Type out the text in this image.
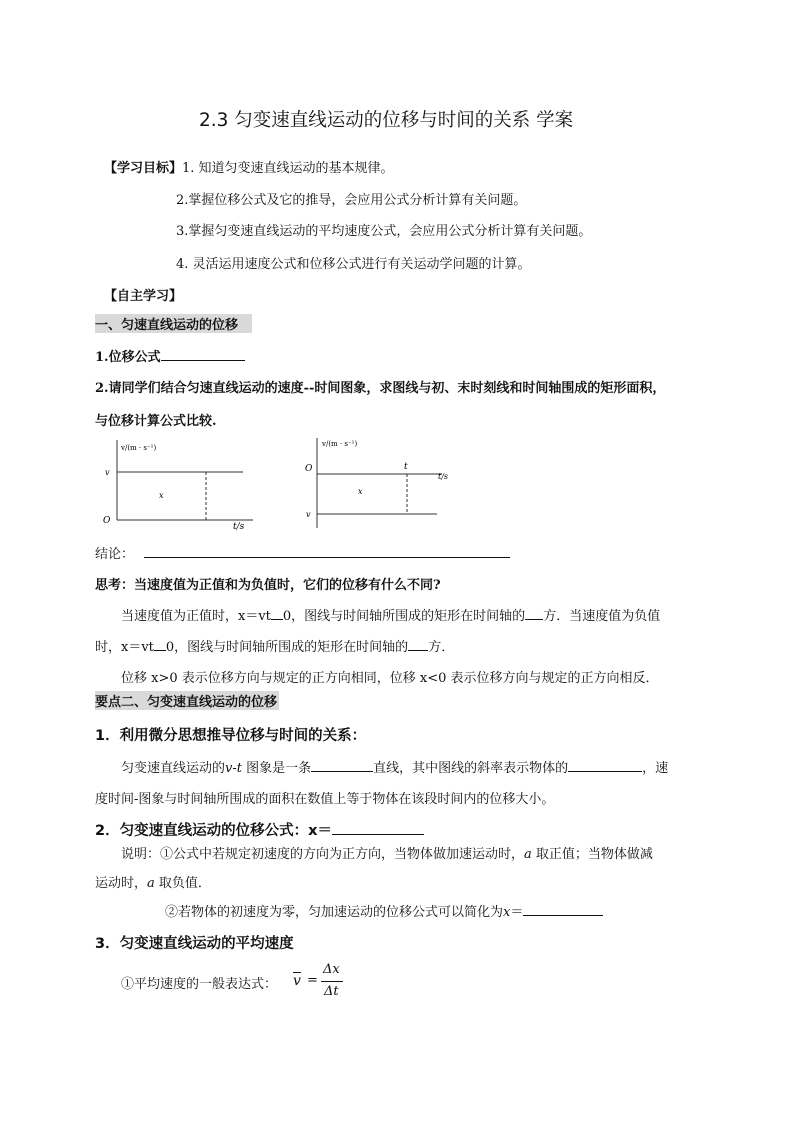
2.3 匀变速直线运动的位移与时间的关系 学案
【学习目标】1. 知道匀变速直线运动的基本规律。
2.掌握位移公式及它的推导，会应用公式分析计算有关问题。
3.掌握匀变速直线运动的平均速度公式，会应用公式分析计算有关问题。
4. 灵活运用速度公式和位移公式进行有关运动学问题的计算。
【自主学习】
一、匀速直线运动的位移
1.位移公式
2.请同学们结合匀速直线运动的速度--时间图象，求图线与初、末时刻线和时间轴围成的矩形面积，
与位移计算公式比较.
v/(m · s⁻¹)
v
O
x
t/s
v/(m · s⁻¹)
O	t
t/s
x
v
结论：
思考：当速度值为正值和为负值时，它们的位移有什么不同?
当速度值为正值时，x＝vt 0，图线与时间轴所围成的矩形在时间轴的 方．当速度值为负值
时，x＝vt 0，图线与时间轴所围成的矩形在时间轴的 方．
位移 x>0 表示位移方向与规定的正方向相同，位移 x<0 表示位移方向与规定的正方向相反．
要点二、匀变速直线运动的位移
1．利用微分思想推导位移与时间的关系：
匀变速直线运动的v-t 图象是一条	直线，其中图线的斜率表示物体的	，速
度时间-图象与时间轴所围成的面积在数值上等于物体在该段时间内的位移大小。
2．匀变速直线运动的位移公式：x＝
说明：①公式中若规定初速度的方向为正方向，当物体做加速运动时，a 取正值；当物体做减
运动时，a 取负值．
②若物体的初速度为零，匀加速运动的位移公式可以简化为x＝
3．匀变速直线运动的平均速度
①平均速度的一般表达式： $\overline{v}$ =
Δx
Δt
